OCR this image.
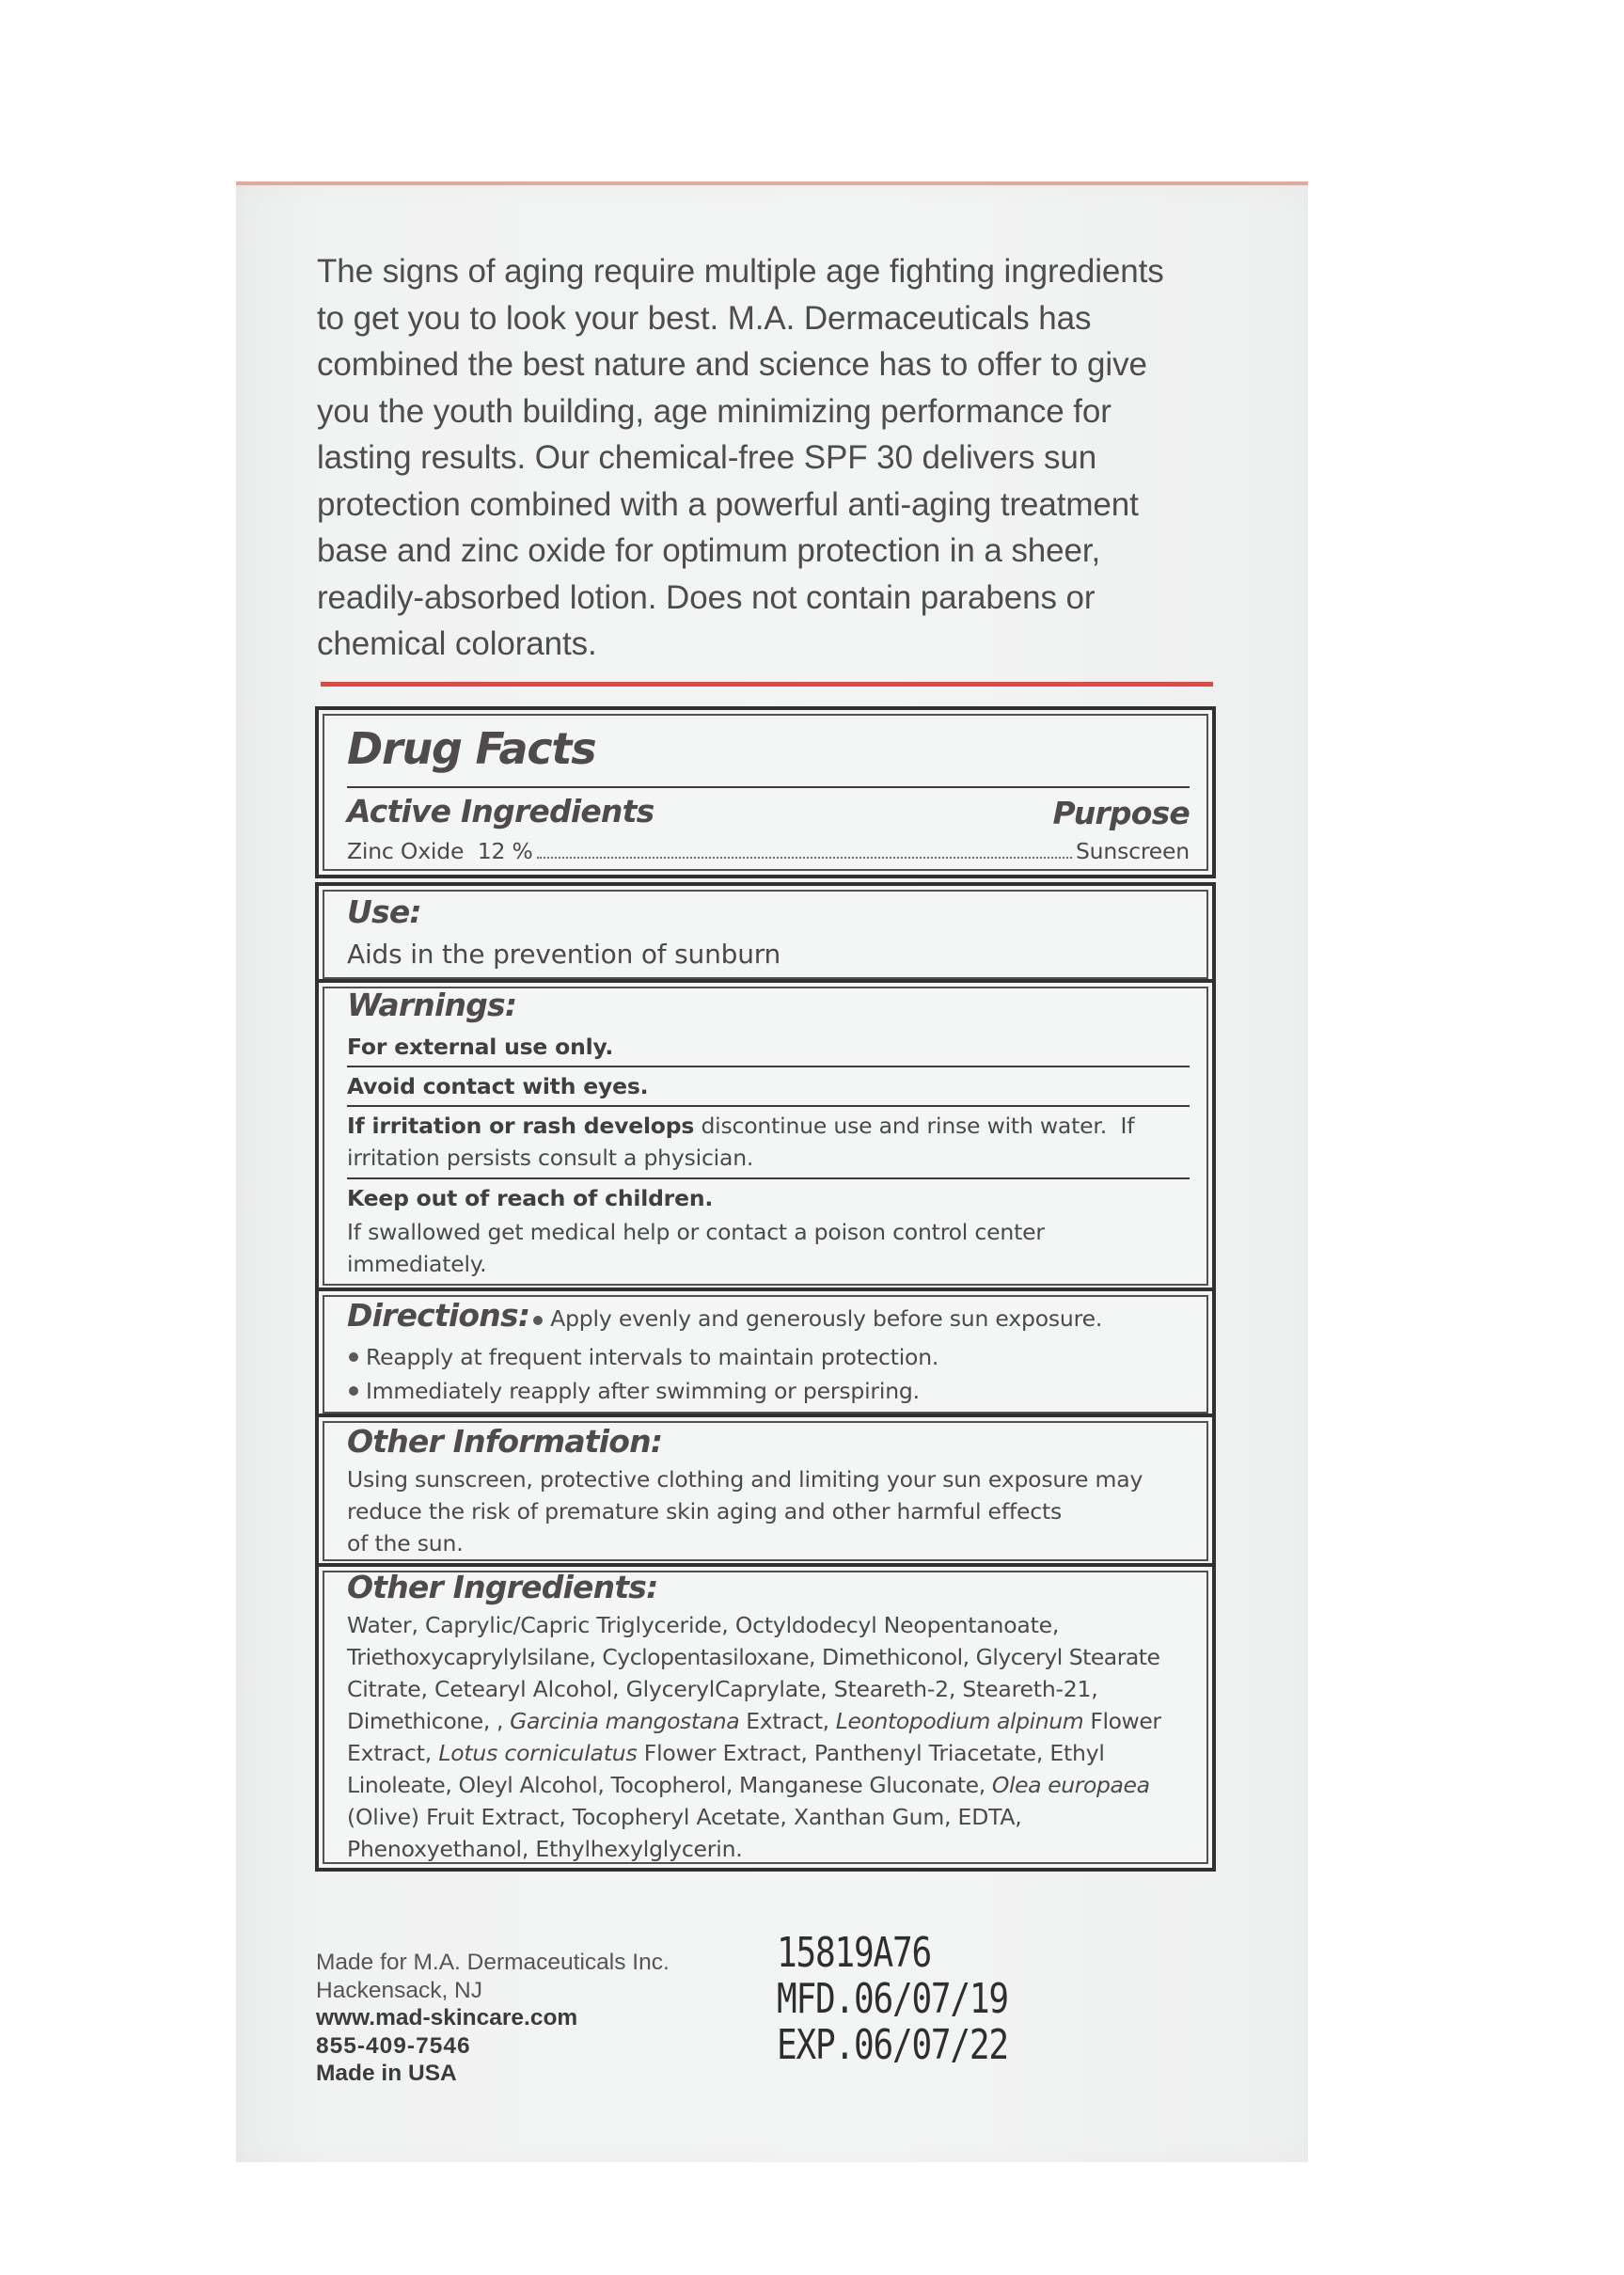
The signs of aging require multiple age fighting ingredients
to get you to look your best. M.A. Dermaceuticals has
combined the best nature and science has to offer to give
you the youth building, age minimizing performance for
lasting results. Our chemical-free SPF 30 delivers sun
protection combined with a powerful anti-aging treatment
base and zinc oxide for optimum protection in a sheer,
readily-absorbed lotion. Does not contain parabens or
chemical colorants.
Drug Facts
Active Ingredients	Purpose
Zinc Oxide  12 %	Sunscreen
Use:
Aids in the prevention of sunburn
Warnings:
For external use only.
Avoid contact with eyes.
If irritation or rash develops discontinue use and rinse with water.  If
irritation persists consult a physician.
Keep out of reach of children.
If swallowed get medical help or contact a poison control center
immediately.
Directions: Apply evenly and generously before sun exposure.
Reapply at frequent intervals to maintain protection.
Immediately reapply after swimming or perspiring.
Other Information:
Using sunscreen, protective clothing and limiting your sun exposure may
reduce the risk of premature skin aging and other harmful effects
of the sun.
Other Ingredients:
Water, Caprylic/Capric Triglyceride, Octyldodecyl Neopentanoate,
Triethoxycaprylylsilane, Cyclopentasiloxane, Dimethiconol, Glyceryl Stearate
Citrate, Cetearyl Alcohol, GlycerylCaprylate, Steareth-2, Steareth-21,
Dimethicone, , Garcinia mangostana Extract, Leontopodium alpinum Flower
Extract, Lotus corniculatus Flower Extract, Panthenyl Triacetate, Ethyl
Linoleate, Oleyl Alcohol, Tocopherol, Manganese Gluconate, Olea europaea
(Olive) Fruit Extract, Tocopheryl Acetate, Xanthan Gum, EDTA,
Phenoxyethanol, Ethylhexylglycerin.
Made for M.A. Dermaceuticals Inc.
Hackensack, NJ
www.mad-skincare.com
855-409-7546
Made in USA
15819A76
MFD.06/07/19
EXP.06/07/22
